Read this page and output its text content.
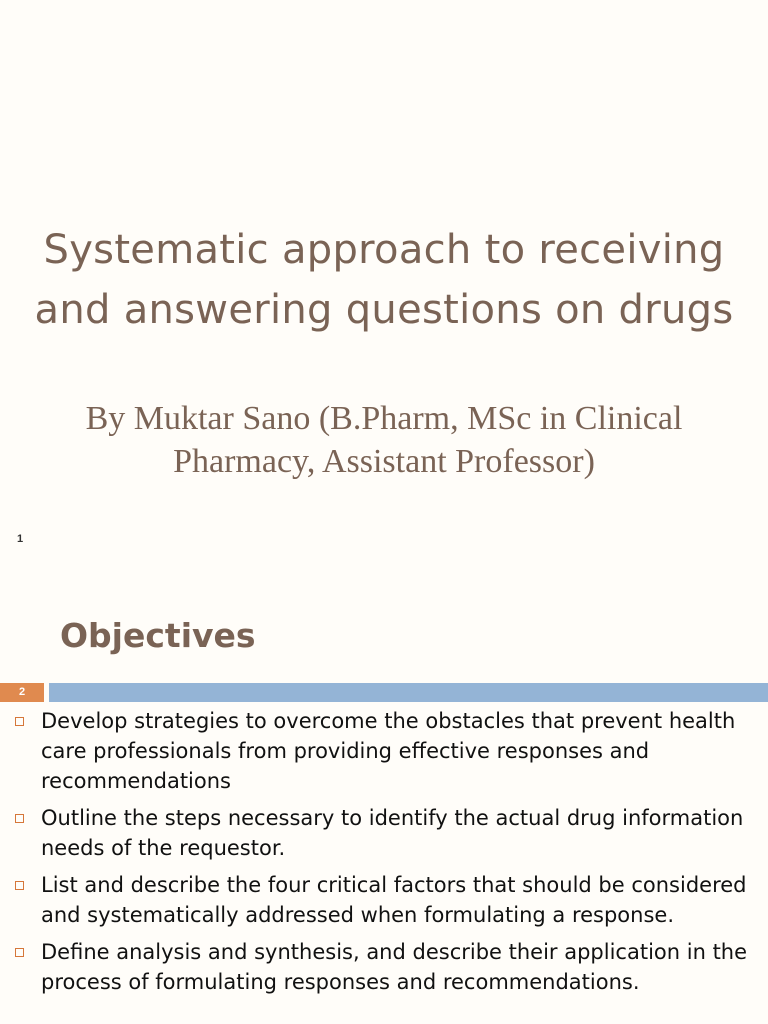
Systematic approach to receiving
and answering questions on drugs
By Muktar Sano (B.Pharm, MSc in Clinical
Pharmacy, Assistant Professor)
1
Objectives
2
Develop strategies to overcome the obstacles that prevent health care professionals from providing effective responses and recommendations
Outline the steps necessary to identify the actual drug information needs of the requestor.
List and describe the four critical factors that should be considered and systematically addressed when formulating a response.
Define analysis and synthesis, and describe their application in the process of formulating responses and recommendations.
